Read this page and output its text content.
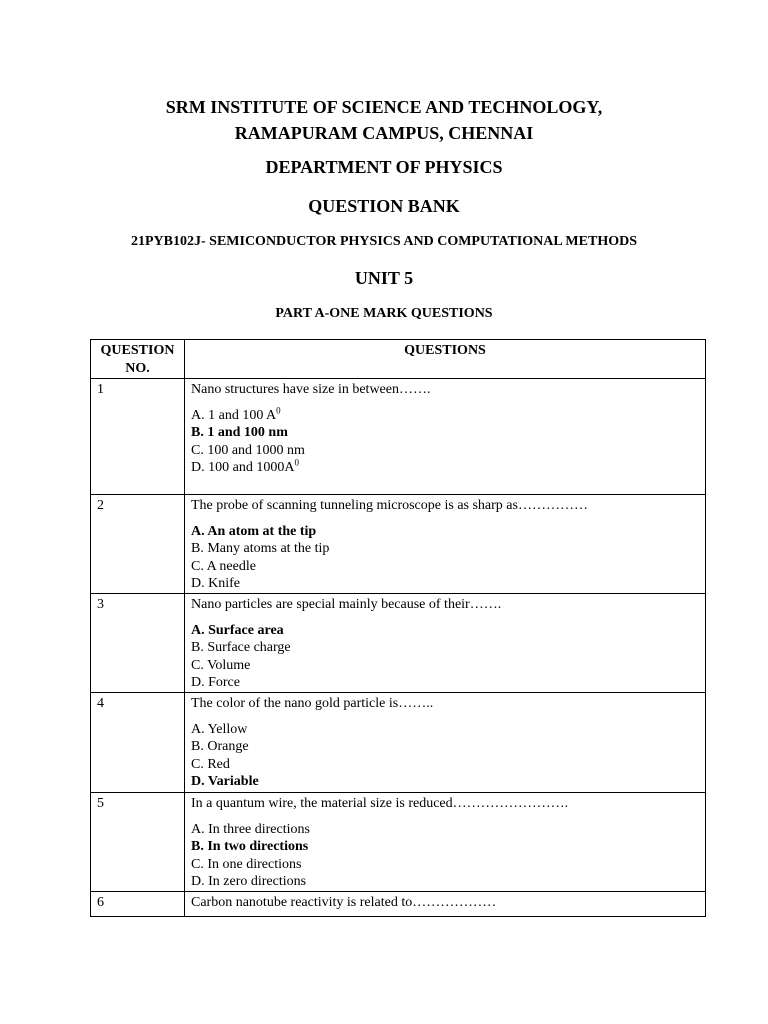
SRM INSTITUTE OF SCIENCE AND TECHNOLOGY,
RAMAPURAM CAMPUS, CHENNAI
DEPARTMENT OF PHYSICS
QUESTION BANK
21PYB102J- SEMICONDUCTOR PHYSICS AND COMPUTATIONAL METHODS
UNIT 5
PART A-ONE MARK QUESTIONS
QUESTION NO.	QUESTIONS
1	Nano structures have size in between…….
A. 1 and 100 $A^0$
B. 1 and 100 nm
C. 100 and 1000 nm
D. 100 and $1000A^0$

2	The probe of scanning tunneling microscope is as sharp as……………
A. An atom at the tip
B. Many atoms at the tip
C. A needle
D. Knife

3	Nano particles are special mainly because of their…….
A. Surface area
B. Surface charge
C. Volume
D. Force

4	The color of the nano gold particle is……..
A. Yellow
B. Orange
C. Red
D. Variable

5	In a quantum wire, the material size is reduced…………………….
A. In three directions
B. In two directions
C. In one directions
D. In zero directions

6	Carbon nanotube reactivity is related to………………
